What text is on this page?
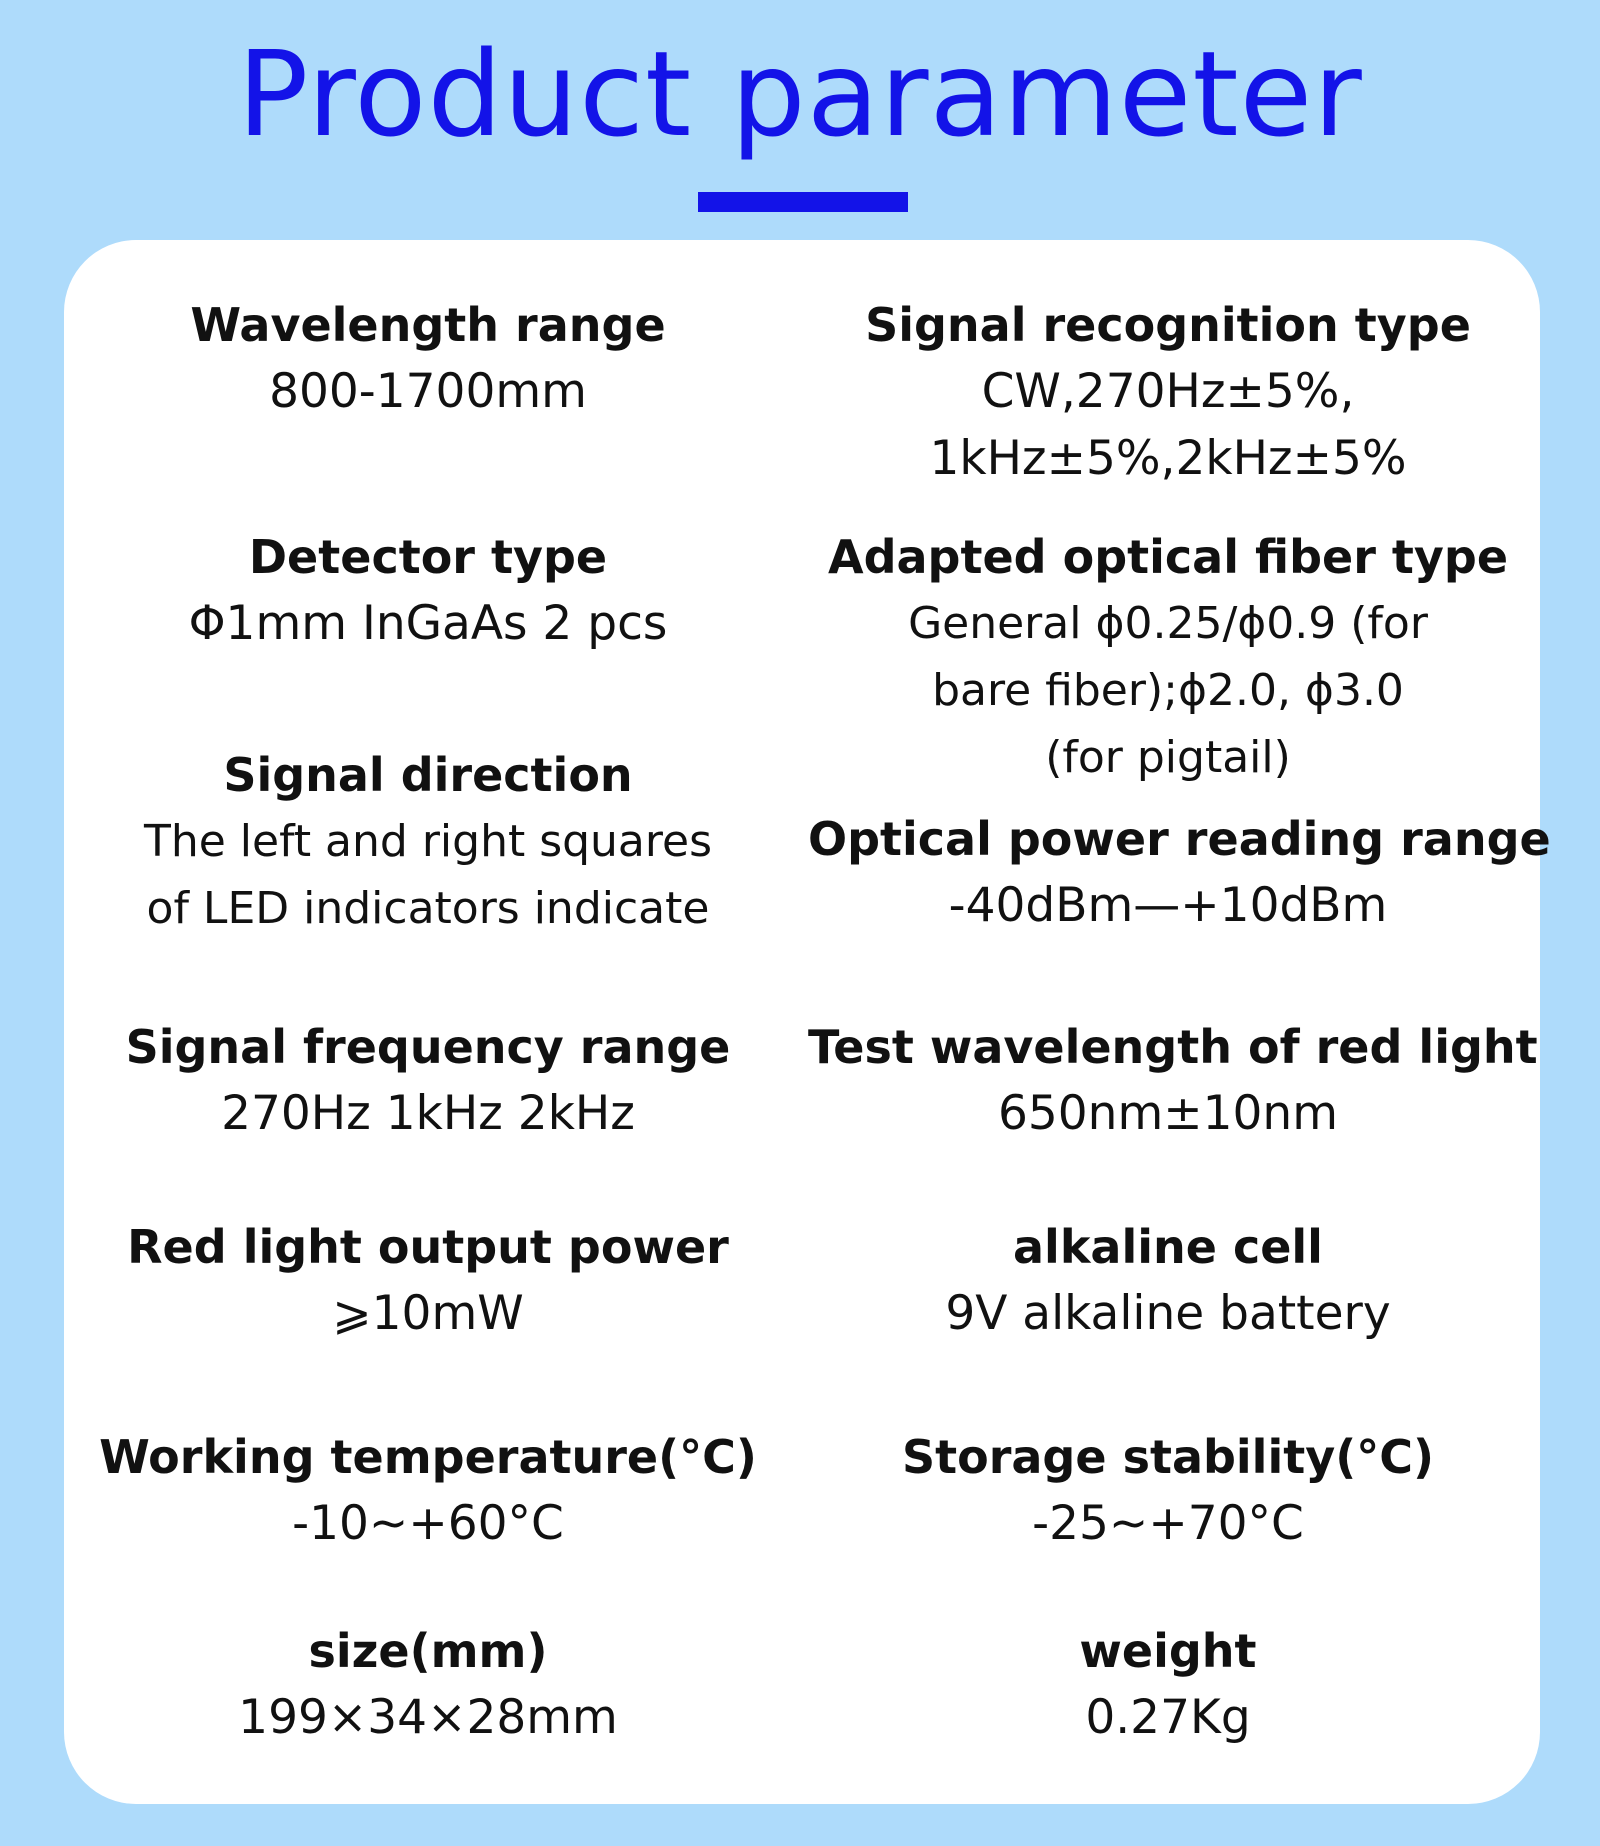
Product parameter
Wavelength range
800-1700mm
Detector type
Φ1mm InGaAs 2 pcs
Signal direction
The left and right squares
of LED indicators indicate
Signal frequency range
270Hz 1kHz 2kHz
Red light output power
⩾10mW
Working temperature(°C)
-10~+60°C
size(mm)
199×34×28mm
Signal recognition type
CW,270Hz±5%,
1kHz±5%,2kHz±5%
Adapted optical fiber type
General ϕ0.25/ϕ0.9 (for
bare fiber);ϕ2.0, ϕ3.0
(for pigtail)
Optical power reading range
-40dBm—+10dBm
Test wavelength of red light
650nm±10nm
alkaline cell
9V alkaline battery
Storage stability(°C)
-25~+70°C
weight
0.27Kg
